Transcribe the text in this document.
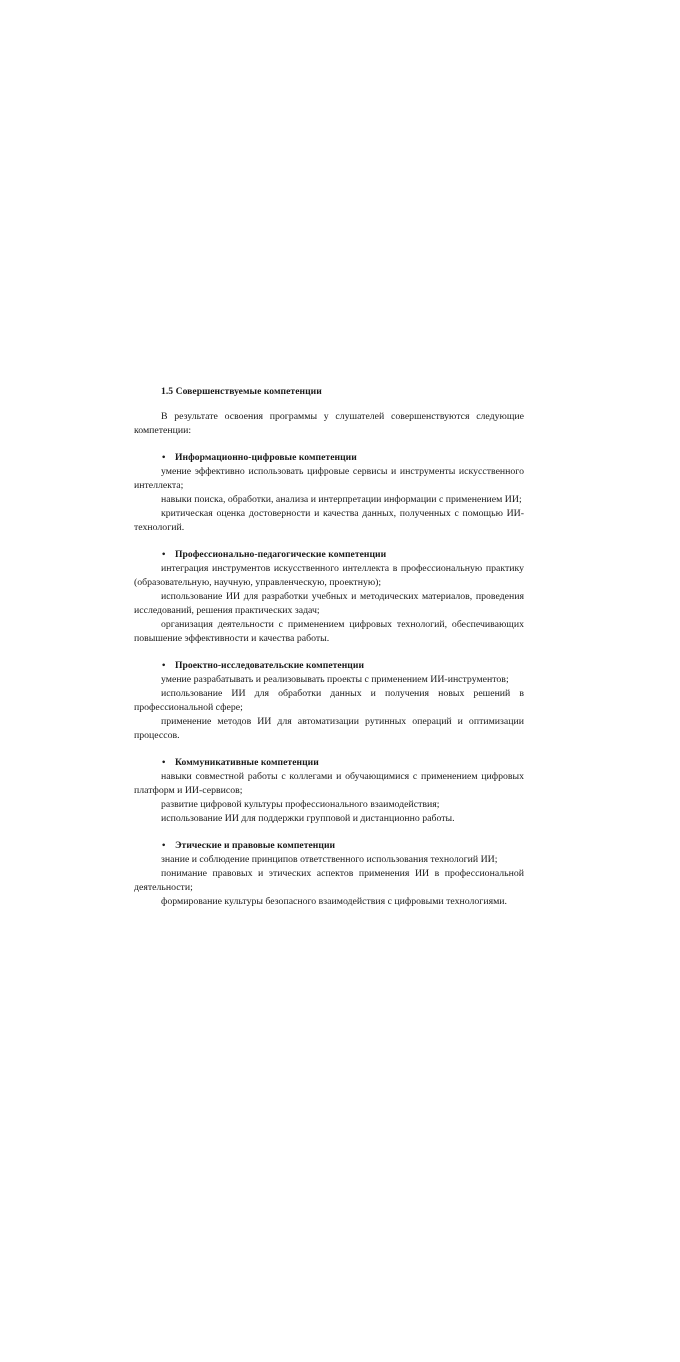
1.5 Совершенствуемые компетенции

В результате освоения программы у слушателей совершенствуются следующие компетенции:

• Информационно-цифровые компетенции

умение эффективно использовать цифровые сервисы и инструменты искусственного интеллекта;

навыки поиска, обработки, анализа и интерпретации информации с применением ИИ;

критическая оценка достоверности и качества данных, полученных с помощью ИИ-технологий.

• Профессионально-педагогические компетенции

интеграция инструментов искусственного интеллекта в профессиональную практику (образовательную, научную, управленческую, проектную);

использование ИИ для разработки учебных и методических материалов, проведения исследований, решения практических задач;

организация деятельности с применением цифровых технологий, обеспечивающих повышение эффективности и качества работы.

• Проектно-исследовательские компетенции

умение разрабатывать и реализовывать проекты с применением ИИ-инструментов;

использование ИИ для обработки данных и получения новых решений в профессиональной сфере;

применение методов ИИ для автоматизации рутинных операций и оптимизации процессов.

• Коммуникативные компетенции

навыки совместной работы с коллегами и обучающимися с применением цифровых платформ и ИИ-сервисов;

развитие цифровой культуры профессионального взаимодействия;

использование ИИ для поддержки групповой и дистанционно работы.

• Этические и правовые компетенции

знание и соблюдение принципов ответственного использования технологий ИИ;

понимание правовых и этических аспектов применения ИИ в профессиональной деятельности;

формирование культуры безопасного взаимодействия с цифровыми технологиями.
